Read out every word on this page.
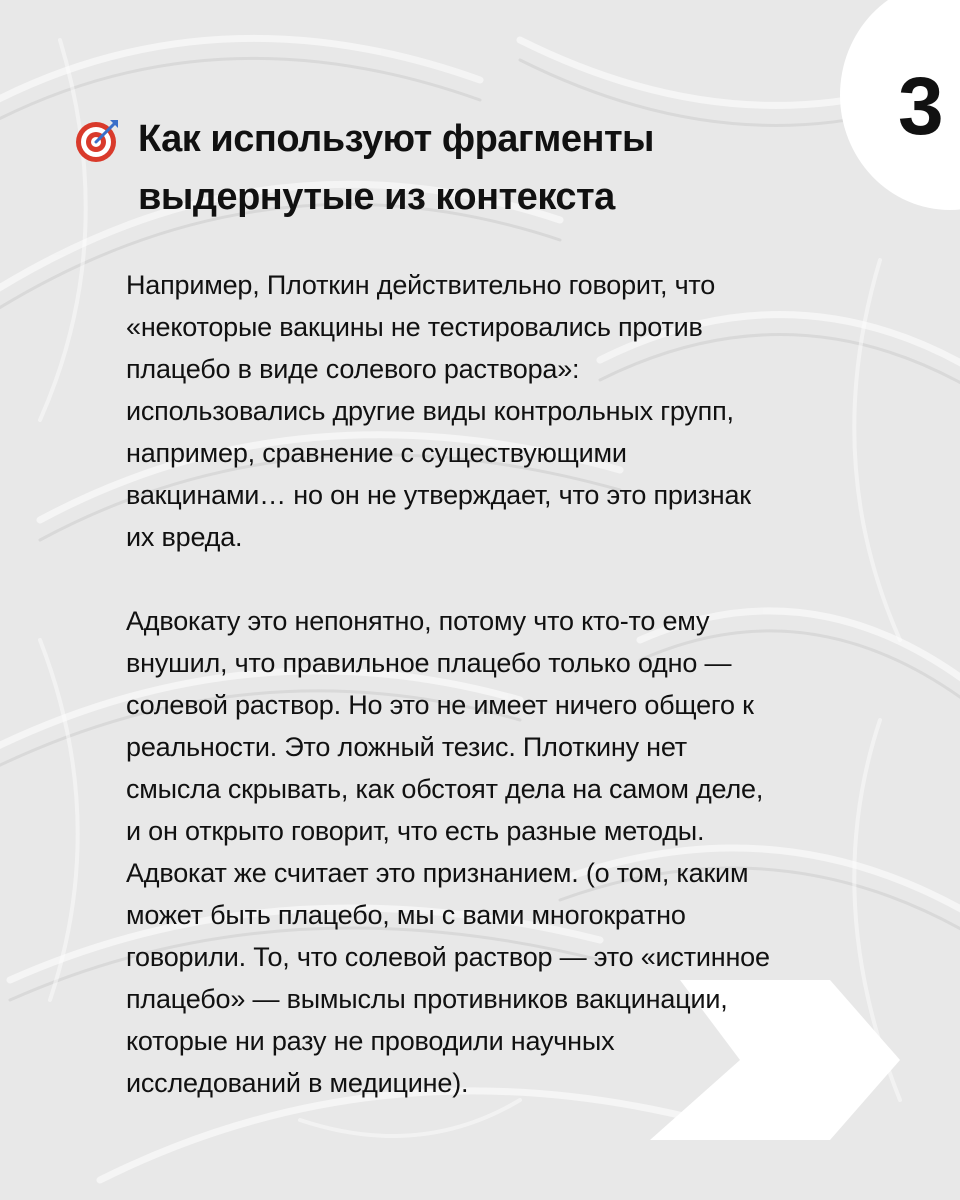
3
Как используют фрагменты
выдернутые из контекста

Например, Плоткин действительно говорит, что
«некоторые вакцины не тестировались против
плацебо в виде солевого раствора»:
использовались другие виды контрольных групп,
например, сравнение с существующими
вакцинами… но он не утверждает, что это признак
их вреда.

Адвокату это непонятно, потому что кто-то ему
внушил, что правильное плацебо только одно —
солевой раствор. Но это не имеет ничего общего к
реальности. Это ложный тезис. Плоткину нет
смысла скрывать, как обстоят дела на самом деле,
и он открыто говорит, что есть разные методы.
Адвокат же считает это признанием. (о том, каким
может быть плацебо, мы с вами многократно
говорили. То, что солевой раствор — это «истинное
плацебо» — вымыслы противников вакцинации,
которые ни разу не проводили научных
исследований в медицине).
